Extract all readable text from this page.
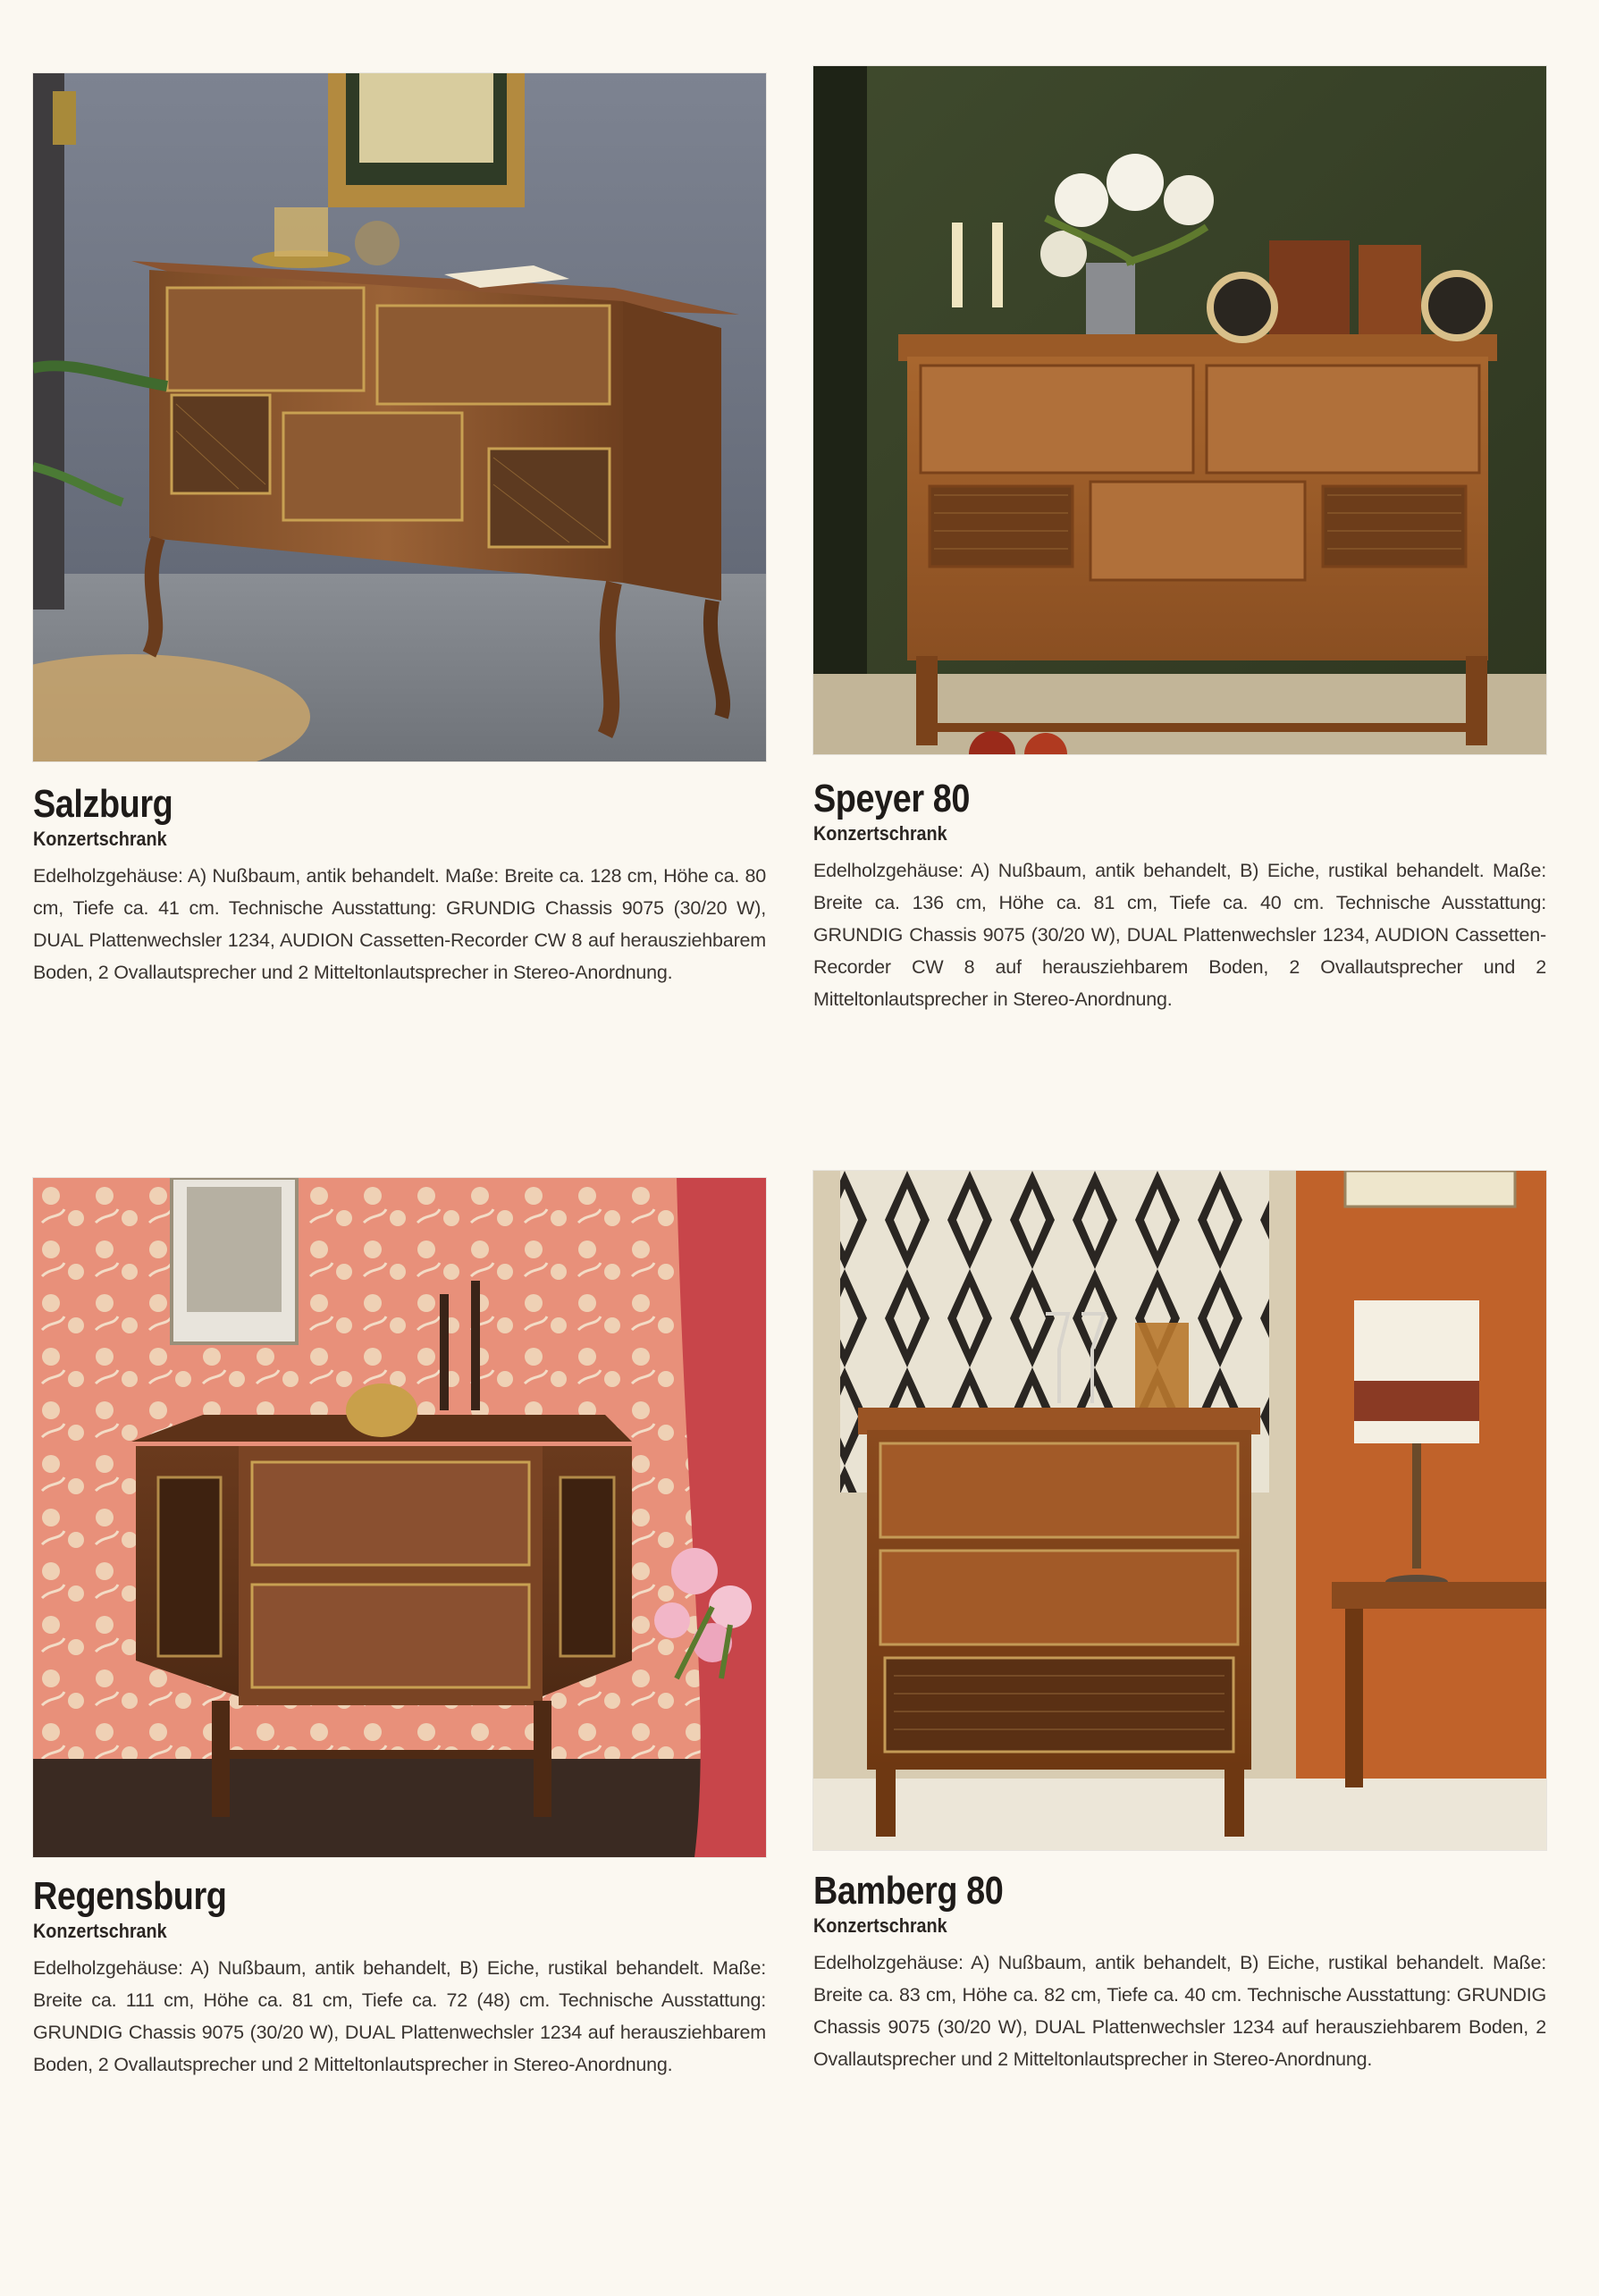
Salzburg
Konzertschrank

Edelholzgehäuse: A) Nußbaum, antik behandelt. Maße: Breite ca. 128 cm, Höhe ca. 80 cm, Tiefe ca. 41 cm. Technische Ausstattung: GRUNDIG Chassis 9075 (30/20 W), DUAL Plattenwechsler 1234, AUDION Cassetten-Recorder CW 8 auf herausziehbarem Boden, 2 Ovallautsprecher und 2 Mitteltonlautsprecher in Stereo-Anordnung.

Speyer 80
Konzertschrank

Edelholzgehäuse: A) Nußbaum, antik behandelt, B) Eiche, rustikal behandelt. Maße: Breite ca. 136 cm, Höhe ca. 81 cm, Tiefe ca. 40 cm. Technische Ausstattung: GRUNDIG Chassis 9075 (30/20 W), DUAL Plattenwechsler 1234, AUDION Cassetten-Recorder CW 8 auf herausziehbarem Boden, 2 Ovallautsprecher und 2 Mitteltonlautsprecher in Stereo-Anordnung.

Regensburg
Konzertschrank

Edelholzgehäuse: A) Nußbaum, antik behandelt, B) Eiche, rustikal behandelt. Maße: Breite ca. 111 cm, Höhe ca. 81 cm, Tiefe ca. 72 (48) cm. Technische Ausstattung: GRUNDIG Chassis 9075 (30/20 W), DUAL Plattenwechsler 1234 auf herausziehbarem Boden, 2 Ovallautsprecher und 2 Mitteltonlautsprecher in Stereo-Anordnung.

Bamberg 80
Konzertschrank

Edelholzgehäuse: A) Nußbaum, antik behandelt, B) Eiche, rustikal behandelt. Maße: Breite ca. 83 cm, Höhe ca. 82 cm, Tiefe ca. 40 cm. Technische Ausstattung: GRUNDIG Chassis 9075 (30/20 W), DUAL Plattenwechsler 1234 auf herausziehbarem Boden, 2 Ovallautsprecher und 2 Mitteltonlautsprecher in Stereo-Anordnung.
